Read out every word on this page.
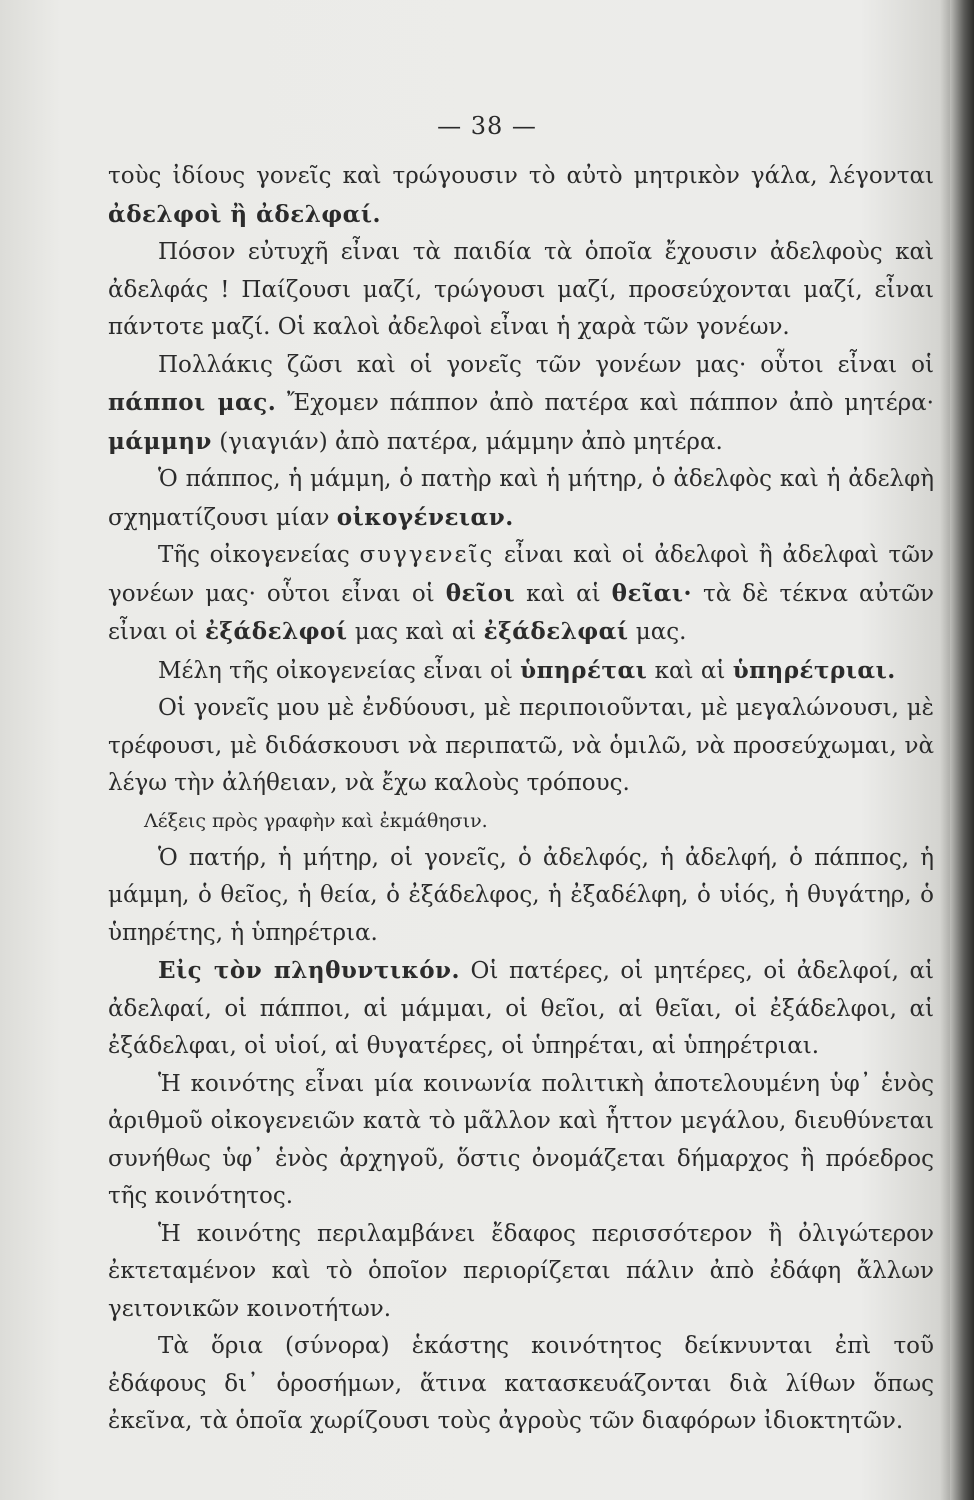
— 38 —

τοὺς ἰδίους γονεῖς καὶ τρώγουσιν τὸ αὐτὸ μητρικὸν γάλα, λέγονται ἀδελφοὶ ἢ ἀδελφαί.

Πόσον εὐτυχῆ εἶναι τὰ παιδία τὰ ὁποῖα ἔχουσιν ἀδελφοὺς καὶ ἀδελφάς ! Παίζουσι μαζί, τρώγουσι μαζί, προσεύχονται μαζί, εἶναι πάντοτε μαζί. Οἱ καλοὶ ἀδελφοὶ εἶναι ἡ χαρὰ τῶν γονέων.

Πολλάκις ζῶσι καὶ οἱ γονεῖς τῶν γονέων μας· οὗτοι εἶναι οἱ πάπποι μας. Ἔχομεν πάππον ἀπὸ πατέρα καὶ πάππον ἀπὸ μητέρα· μάμμην (γιαγιάν) ἀπὸ πατέρα, μάμμην ἀπὸ μητέρα.

Ὁ πάππος, ἡ μάμμη, ὁ πατὴρ καὶ ἡ μήτηρ, ὁ ἀδελφὸς καὶ ἡ ἀδελφὴ σχηματίζουσι μίαν οἰκογένειαν.

Τῆς οἰκογενείας συγγενεῖς εἶναι καὶ οἱ ἀδελφοὶ ἢ ἀδελφαὶ τῶν γονέων μας· οὗτοι εἶναι οἱ θεῖοι καὶ αἱ θεῖαι· τὰ δὲ τέκνα αὐτῶν εἶναι οἱ ἐξάδελφοί μας καὶ αἱ ἐξάδελφαί μας.

Μέλη τῆς οἰκογενείας εἶναι οἱ ὑπηρέται καὶ αἱ ὑπηρέτριαι.

Οἱ γονεῖς μου μὲ ἐνδύουσι, μὲ περιποιοῦνται, μὲ μεγαλώνουσι, μὲ τρέφουσι, μὲ διδάσκουσι νὰ περιπατῶ, νὰ ὁμιλῶ, νὰ προσεύχωμαι, νὰ λέγω τὴν ἀλήθειαν, νὰ ἔχω καλοὺς τρόπους.

Λέξεις πρὸς γραφὴν καὶ ἐκμάθησιν.

Ὁ πατήρ, ἡ μήτηρ, οἱ γονεῖς, ὁ ἀδελφός, ἡ ἀδελφή, ὁ πάππος, ἡ μάμμη, ὁ θεῖος, ἡ θεία, ὁ ἐξάδελφος, ἡ ἐξαδέλφη, ὁ υἱός, ἡ θυγάτηρ, ὁ ὑπηρέτης, ἡ ὑπηρέτρια.

Εἰς τὸν πληθυντικόν. Οἱ πατέρες, οἱ μητέρες, οἱ ἀδελφοί, αἱ ἀδελφαί, οἱ πάπποι, αἱ μάμμαι, οἱ θεῖοι, αἱ θεῖαι, οἱ ἐξάδελφοι, αἱ ἐξάδελφαι, οἱ υἱοί, αἱ θυγατέρες, οἱ ὑπηρέται, αἱ ὑπηρέτριαι.

Ἡ κοινότης εἶναι μία κοινωνία πολιτικὴ ἀποτελουμένη ὑφ᾽ ἑνὸς ἀριθμοῦ οἰκογενειῶν κατὰ τὸ μᾶλλον καὶ ἧττον μεγάλου, διευθύνεται συνήθως ὑφ᾽ ἑνὸς ἀρχηγοῦ, ὅστις ὀνομάζεται δήμαρχος ἢ πρόεδρος τῆς κοινότητος.

Ἡ κοινότης περιλαμβάνει ἔδαφος περισσότερον ἢ ὀλιγώτερον ἐκτεταμένον καὶ τὸ ὁποῖον περιορίζεται πάλιν ἀπὸ ἐδάφη ἄλλων γειτονικῶν κοινοτήτων.

Τὰ ὅρια (σύνορα) ἑκάστης κοινότητος δείκνυνται ἐπὶ τοῦ ἐδάφους δι᾽ ὁροσήμων, ἅτινα κατασκευάζονται διὰ λίθων ὅπως ἐκεῖνα, τὰ ὁποῖα χωρίζουσι τοὺς ἀγροὺς τῶν διαφόρων ἰδιοκτητῶν.
